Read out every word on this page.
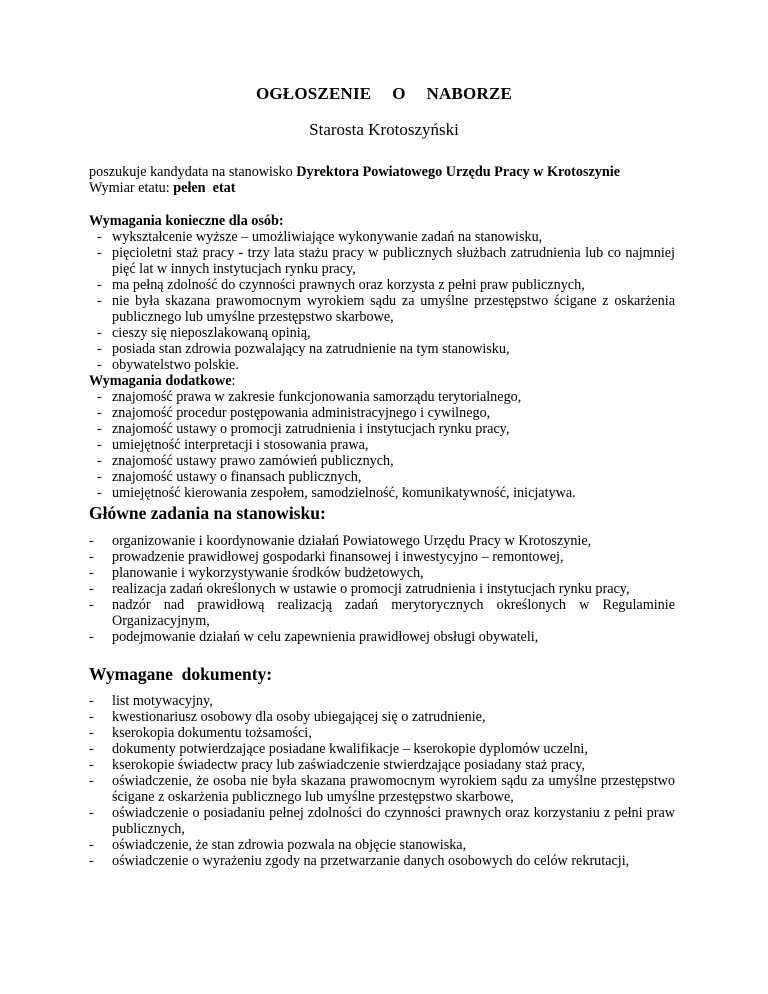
OGŁOSZENIE  O  NABORZE
Starosta Krotoszyński

poszukuje kandydata na stanowisko Dyrektora Powiatowego Urzędu Pracy w Krotoszynie

Wymiar etatu: pełen  etat

Wymagania konieczne dla osób:

- wykształcenie wyższe – umożliwiające wykonywanie zadań na stanowisku,
- pięcioletni staż pracy - trzy lata stażu pracy w publicznych służbach zatrudnienia lub co najmniej pięć lat w innych instytucjach rynku pracy,
- ma pełną zdolność do czynności prawnych oraz korzysta z pełni praw publicznych,
- nie była skazana prawomocnym wyrokiem sądu za umyślne przestępstwo ścigane z oskarżenia publicznego lub umyślne przestępstwo skarbowe,
- cieszy się nieposzlakowaną opinią,
- posiada stan zdrowia pozwalający na zatrudnienie na tym stanowisku,
- obywatelstwo polskie.

Wymagania dodatkowe:

- znajomość prawa w zakresie funkcjonowania samorządu terytorialnego,
- znajomość procedur postępowania administracyjnego i cywilnego,
- znajomość ustawy o promocji zatrudnienia i instytucjach rynku pracy,
- umiejętność interpretacji i stosowania prawa,
- znajomość ustawy prawo zamówień publicznych,
- znajomość ustawy o finansach publicznych,
- umiejętność kierowania zespołem, samodzielność, komunikatywność, inicjatywa.

Główne zadania na stanowisku:

- organizowanie i koordynowanie działań Powiatowego Urzędu Pracy w Krotoszynie,
- prowadzenie prawidłowej gospodarki finansowej i inwestycyjno – remontowej,
- planowanie i wykorzystywanie środków budżetowych,
- realizacja zadań określonych w ustawie o promocji zatrudnienia i instytucjach rynku pracy,
- nadzór nad prawidłową realizacją zadań merytorycznych określonych w Regulaminie Organizacyjnym,
- podejmowanie działań w celu zapewnienia prawidłowej obsługi obywateli,

Wymagane  dokumenty:

- list motywacyjny,
- kwestionariusz osobowy dla osoby ubiegającej się o zatrudnienie,
- kserokopia dokumentu tożsamości,
- dokumenty potwierdzające posiadane kwalifikacje – kserokopie dyplomów uczelni,
- kserokopie świadectw pracy lub zaświadczenie stwierdzające posiadany staż pracy,
- oświadczenie, że osoba nie była skazana prawomocnym wyrokiem sądu za umyślne przestępstwo ścigane z oskarżenia publicznego lub umyślne przestępstwo skarbowe,
- oświadczenie o posiadaniu pełnej zdolności do czynności prawnych oraz korzystaniu z pełni praw publicznych,
- oświadczenie, że stan zdrowia pozwala na objęcie stanowiska,
- oświadczenie o wyrażeniu zgody na przetwarzanie danych osobowych do celów rekrutacji,
